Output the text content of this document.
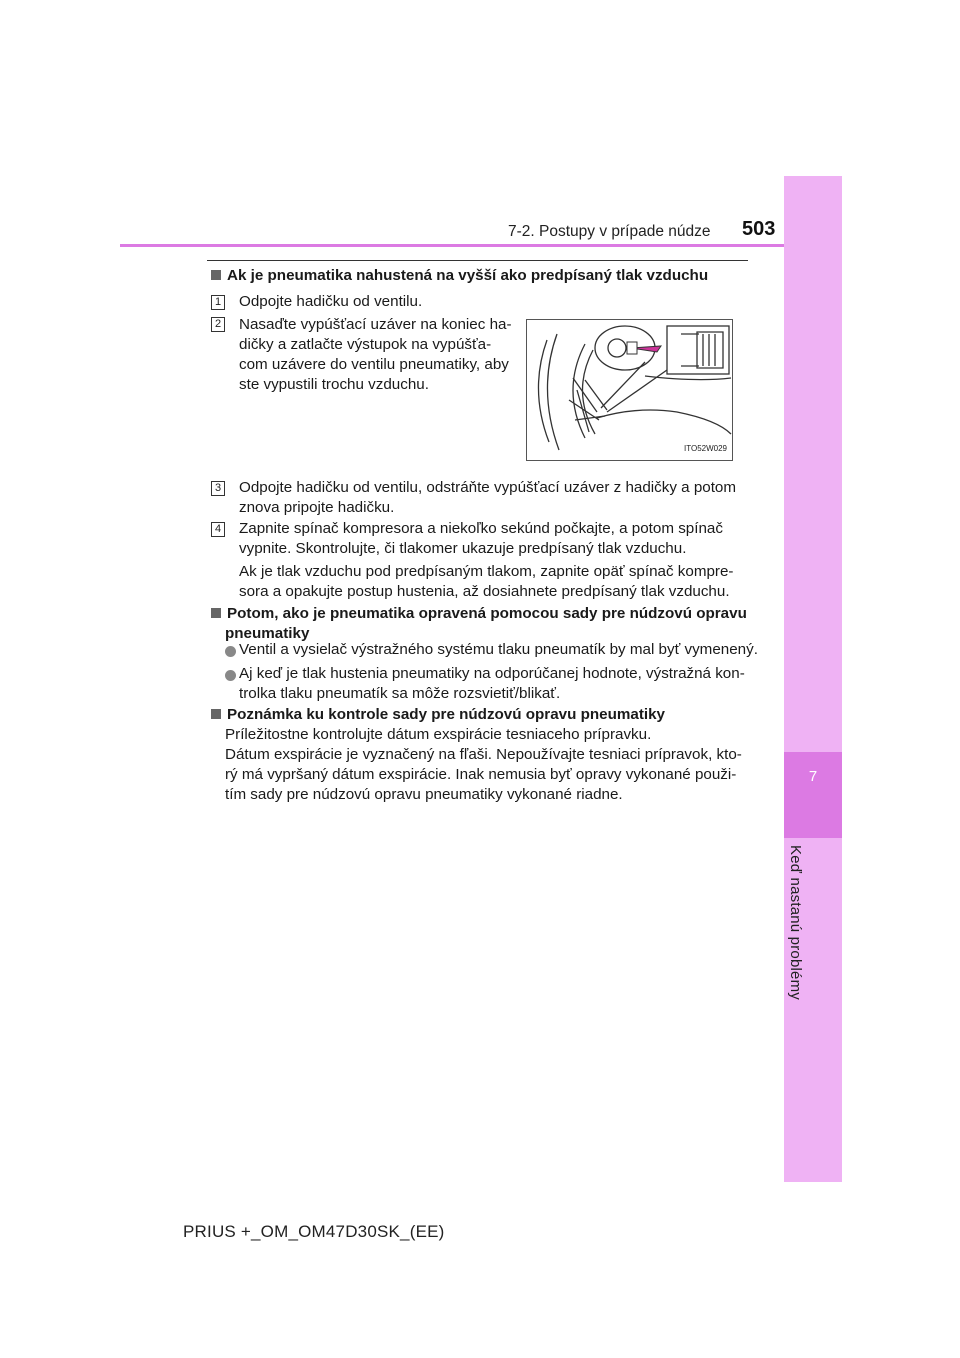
7
Keď nastanú problémy
7-2. Postupy v prípade núdze 503
Ak je pneumatika nahustená na vyšší ako predpísaný tlak vzduchu
1 Odpojte hadičku od ventilu.
2 Nasaďte vypúšťací uzáver na koniec ha-
dičky a zatlačte výstupok na vypúšťa-
com uzávere do ventilu pneumatiky, aby
ste vypustili trochu vzduchu.
ITO52W029
3 Odpojte hadičku od ventilu, odstráňte vypúšťací uzáver z hadičky a potom
znova pripojte hadičku.
4 Zapnite spínač kompresora a niekoľko sekúnd počkajte, a potom spínač
vypnite. Skontrolujte, či tlakomer ukazuje predpísaný tlak vzduchu.
Ak je tlak vzduchu pod predpísaným tlakom, zapnite opäť spínač kompre-
sora a opakujte postup hustenia, až dosiahnete predpísaný tlak vzduchu.
Potom, ako je pneumatika opravená pomocou sady pre núdzovú opravu
pneumatiky
Ventil a vysielač výstražného systému tlaku pneumatík by mal byť vymenený.
Aj keď je tlak hustenia pneumatiky na odporúčanej hodnote, výstražná kon-
trolka tlaku pneumatík sa môže rozsvietiť/blikať.
Poznámka ku kontrole sady pre núdzovú opravu pneumatiky
Príležitostne kontrolujte dátum exspirácie tesniaceho prípravku.
Dátum exspirácie je vyznačený na fľaši. Nepoužívajte tesniaci prípravok, kto-
rý má vypršaný dátum exspirácie. Inak nemusia byť opravy vykonané použi-
tím sady pre núdzovú opravu pneumatiky vykonané riadne.
PRIUS +_OM_OM47D30SK_(EE)
